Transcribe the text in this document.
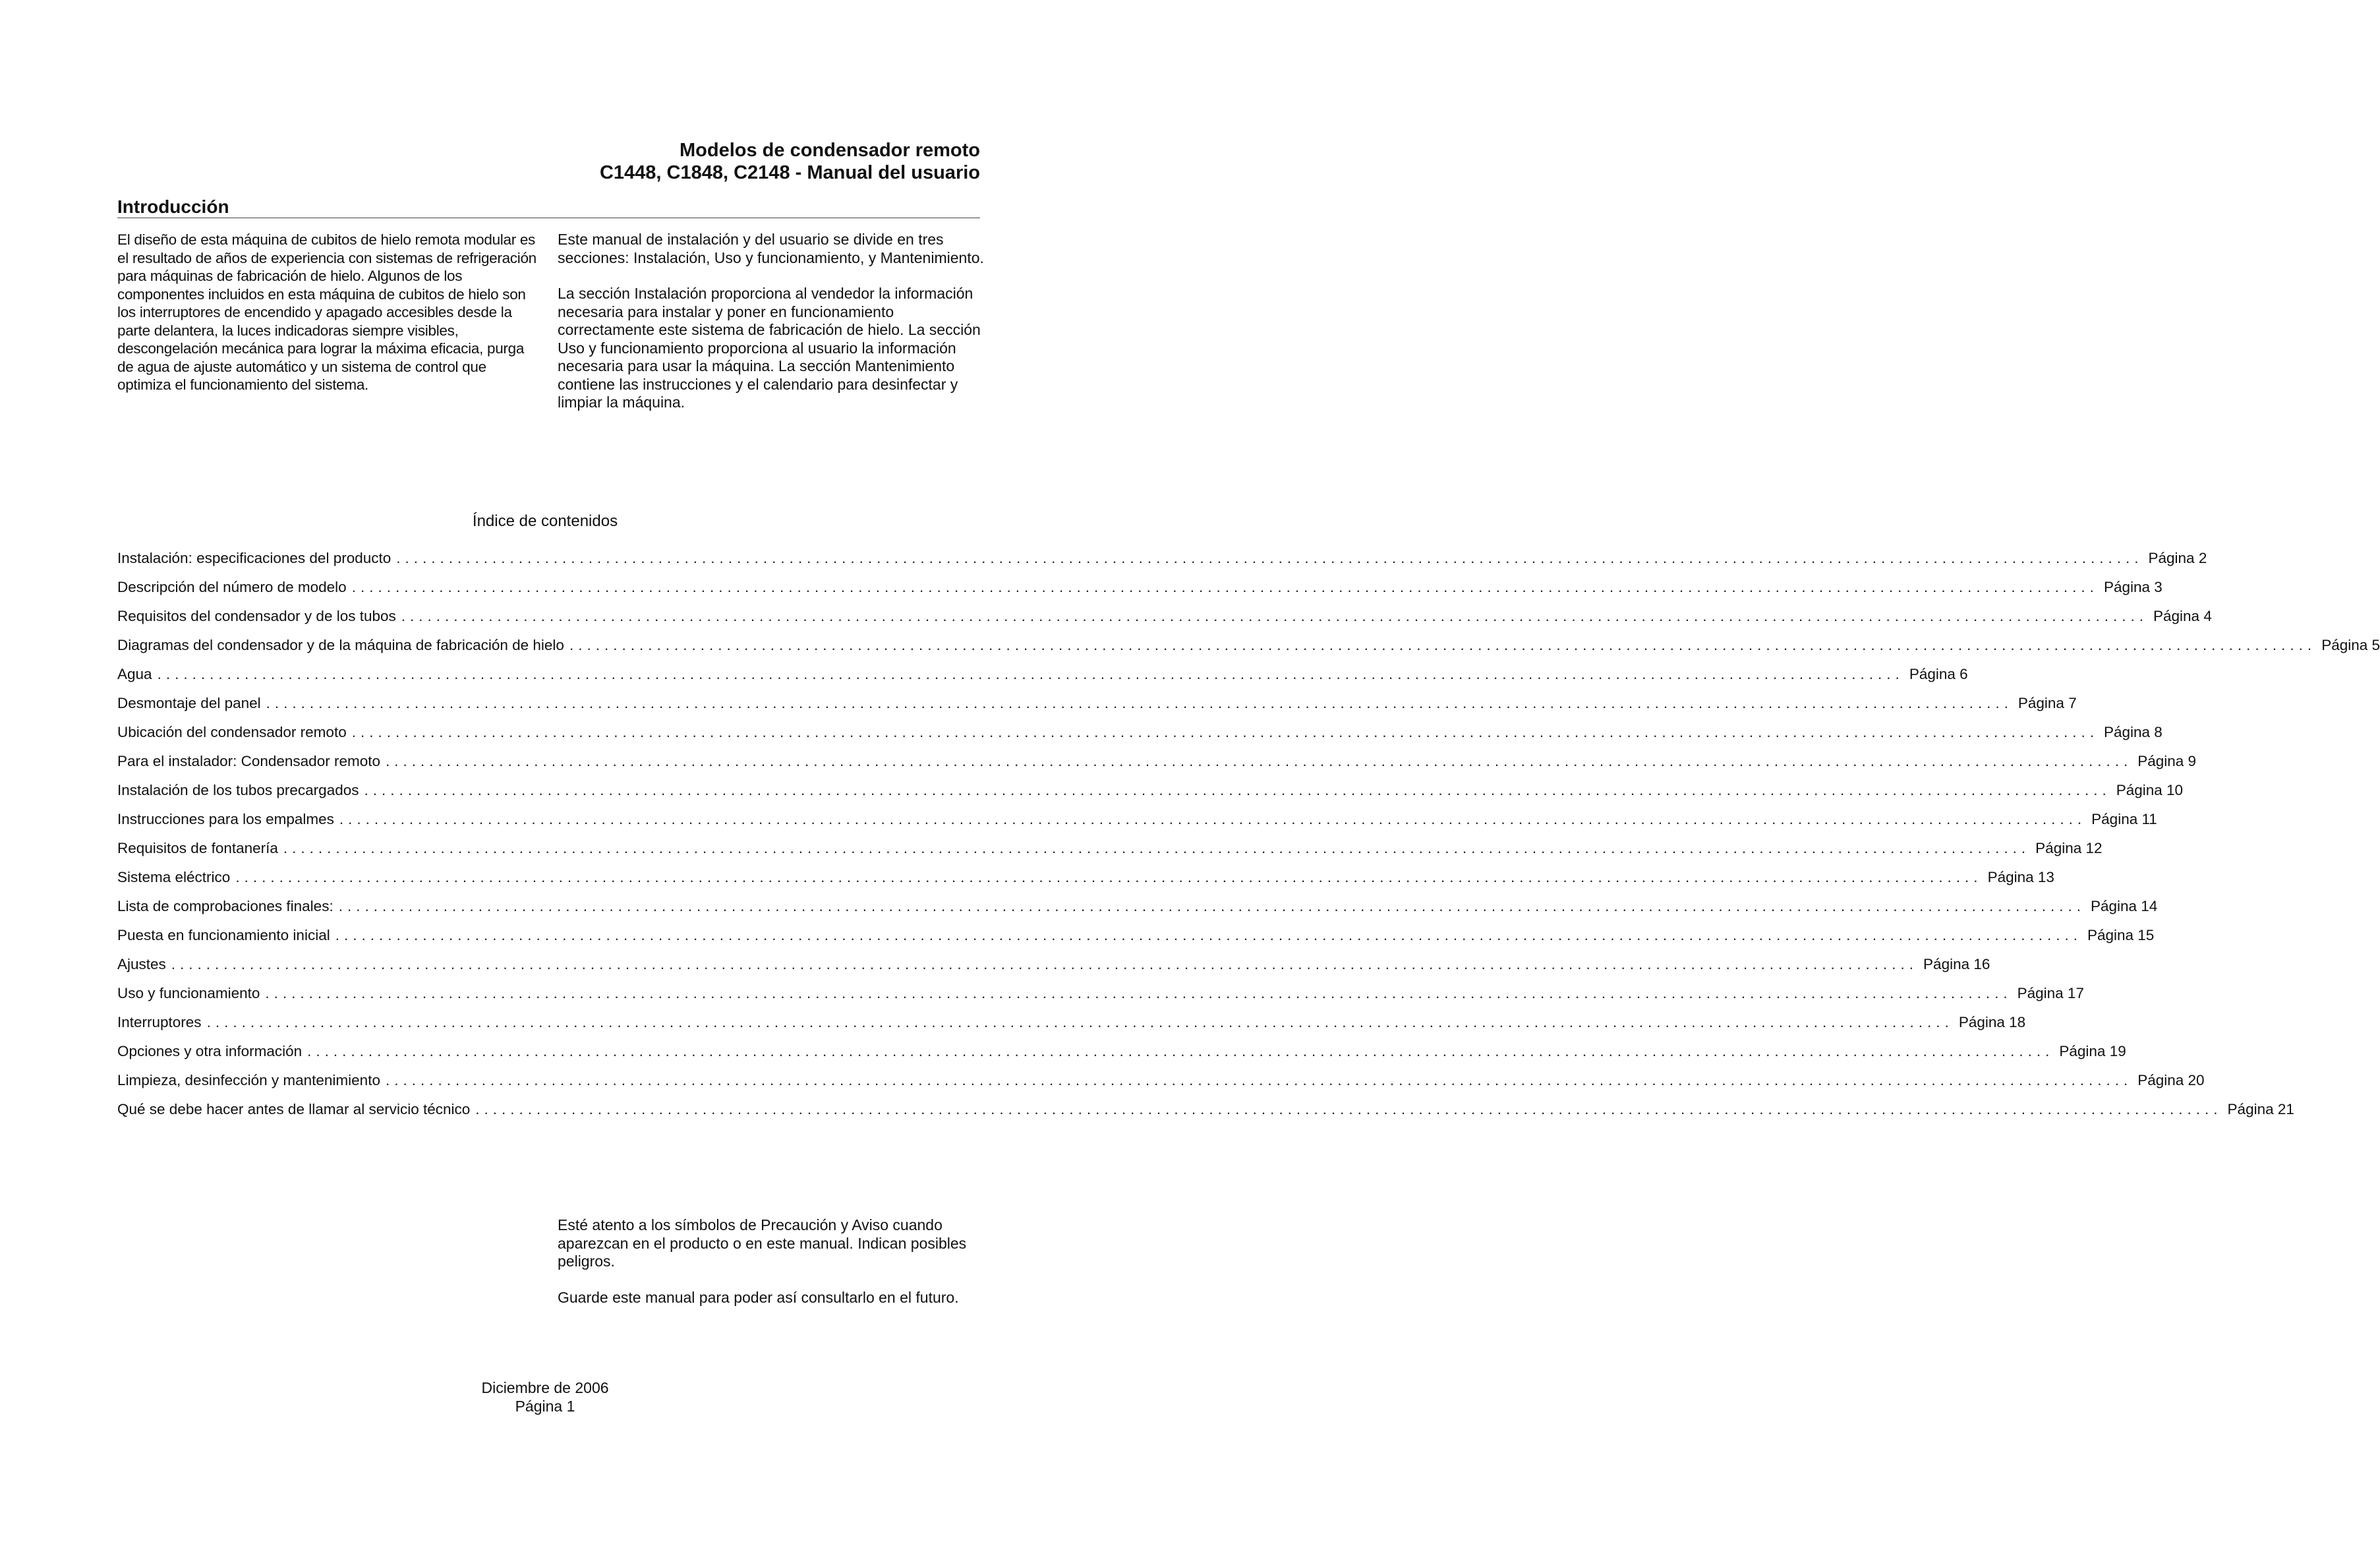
Modelos de condensador remoto
C1448, C1848, C2148 - Manual del usuario
Introducción
El diseño de esta máquina de cubitos de hielo remota modular es el resultado de años de experiencia con sistemas de refrigeración para máquinas de fabricación de hielo. Algunos de los componentes incluidos en esta máquina de cubitos de hielo son los interruptores de encendido y apagado accesibles desde la parte delantera, la luces indicadoras siempre visibles, descongelación mecánica para lograr la máxima eficacia, purga de agua de ajuste automático y un sistema de control que optimiza el funcionamiento del sistema.

Este manual de instalación y del usuario se divide en tres secciones: Instalación, Uso y funcionamiento, y Mantenimiento.

La sección Instalación proporciona al vendedor la información necesaria para instalar y poner en funcionamiento correctamente este sistema de fabricación de hielo. La sección Uso y funcionamiento proporciona al usuario la información necesaria para usar la máquina. La sección Mantenimiento contiene las instrucciones y el calendario para desinfectar y limpiar la máquina.

Índice de contenidos
Instalación: especificaciones del producto ........................................................................................................................................................................................................ Página 2
Descripción del número de modelo ........................................................................................................................................................................................................ Página 3
Requisitos del condensador y de los tubos ........................................................................................................................................................................................................ Página 4
Diagramas del condensador y de la máquina de fabricación de hielo ........................................................................................................................................................................................................ Página 5
Agua ........................................................................................................................................................................................................ Página 6
Desmontaje del panel ........................................................................................................................................................................................................ Página 7
Ubicación del condensador remoto ........................................................................................................................................................................................................ Página 8
Para el instalador: Condensador remoto ........................................................................................................................................................................................................ Página 9
Instalación de los tubos precargados ........................................................................................................................................................................................................ Página 10
Instrucciones para los empalmes ........................................................................................................................................................................................................ Página 11
Requisitos de fontanería ........................................................................................................................................................................................................ Página 12
Sistema eléctrico ........................................................................................................................................................................................................ Página 13
Lista de comprobaciones finales: ........................................................................................................................................................................................................ Página 14
Puesta en funcionamiento inicial ........................................................................................................................................................................................................ Página 15
Ajustes ........................................................................................................................................................................................................ Página 16
Uso y funcionamiento ........................................................................................................................................................................................................ Página 17
Interruptores ........................................................................................................................................................................................................ Página 18
Opciones y otra información ........................................................................................................................................................................................................ Página 19
Limpieza, desinfección y mantenimiento ........................................................................................................................................................................................................ Página 20
Qué se debe hacer antes de llamar al servicio técnico ........................................................................................................................................................................................................ Página 21

Esté atento a los símbolos de Precaución y Aviso cuando aparezcan en el producto o en este manual. Indican posibles peligros.

Guarde este manual para poder así consultarlo en el futuro.

Diciembre de 2006
Página 1
